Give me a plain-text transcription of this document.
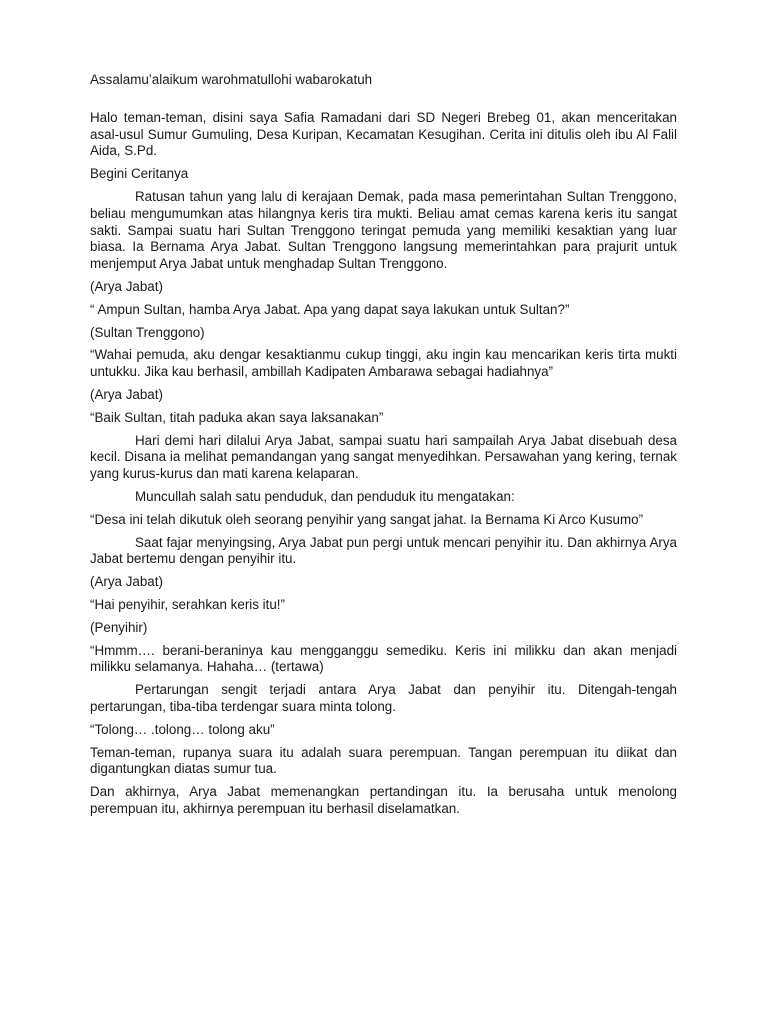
Assalamu’alaikum warohmatullohi wabarokatuh

Halo teman-teman, disini saya Safia Ramadani dari SD Negeri Brebeg 01, akan menceritakan asal-usul Sumur Gumuling, Desa Kuripan, Kecamatan Kesugihan. Cerita ini ditulis oleh ibu Al Falil Aida, S.Pd.

Begini Ceritanya

Ratusan tahun yang lalu di kerajaan Demak, pada masa pemerintahan Sultan Trenggono, beliau mengumumkan atas hilangnya keris tira mukti. Beliau amat cemas karena keris itu sangat sakti. Sampai suatu hari Sultan Trenggono teringat pemuda yang memiliki kesaktian yang luar biasa. Ia Bernama Arya Jabat. Sultan Trenggono langsung memerintahkan para prajurit untuk menjemput Arya Jabat untuk menghadap Sultan Trenggono.

(Arya Jabat)

“ Ampun Sultan, hamba Arya Jabat. Apa yang dapat saya lakukan untuk Sultan?”

(Sultan Trenggono)

“Wahai pemuda, aku dengar kesaktianmu cukup tinggi, aku ingin kau mencarikan keris tirta mukti untukku. Jika kau berhasil, ambillah Kadipaten Ambarawa sebagai hadiahnya”

(Arya Jabat)

“Baik Sultan, titah paduka akan saya laksanakan”

Hari demi hari dilalui Arya Jabat, sampai suatu hari sampailah Arya Jabat disebuah desa kecil. Disana ia melihat pemandangan yang sangat menyedihkan. Persawahan yang kering, ternak yang kurus-kurus dan mati karena kelaparan.

Muncullah salah satu penduduk, dan penduduk itu mengatakan:

“Desa ini telah dikutuk oleh seorang penyihir yang sangat jahat. Ia Bernama Ki Arco Kusumo”

Saat fajar menyingsing, Arya Jabat pun pergi untuk mencari penyihir itu. Dan akhirnya Arya Jabat bertemu dengan penyihir itu.

(Arya Jabat)

“Hai penyihir, serahkan keris itu!”

(Penyihir)

“Hmmm…. berani-beraninya kau mengganggu semediku. Keris ini milikku dan akan menjadi milikku selamanya. Hahaha… (tertawa)

Pertarungan sengit terjadi antara Arya Jabat dan penyihir itu. Ditengah-tengah pertarungan, tiba-tiba terdengar suara minta tolong.

“Tolong… .tolong… tolong aku”

Teman-teman, rupanya suara itu adalah suara perempuan. Tangan perempuan itu diikat dan digantungkan diatas sumur tua.

Dan akhirnya, Arya Jabat memenangkan pertandingan itu. Ia berusaha untuk menolong perempuan itu, akhirnya perempuan itu berhasil diselamatkan.
